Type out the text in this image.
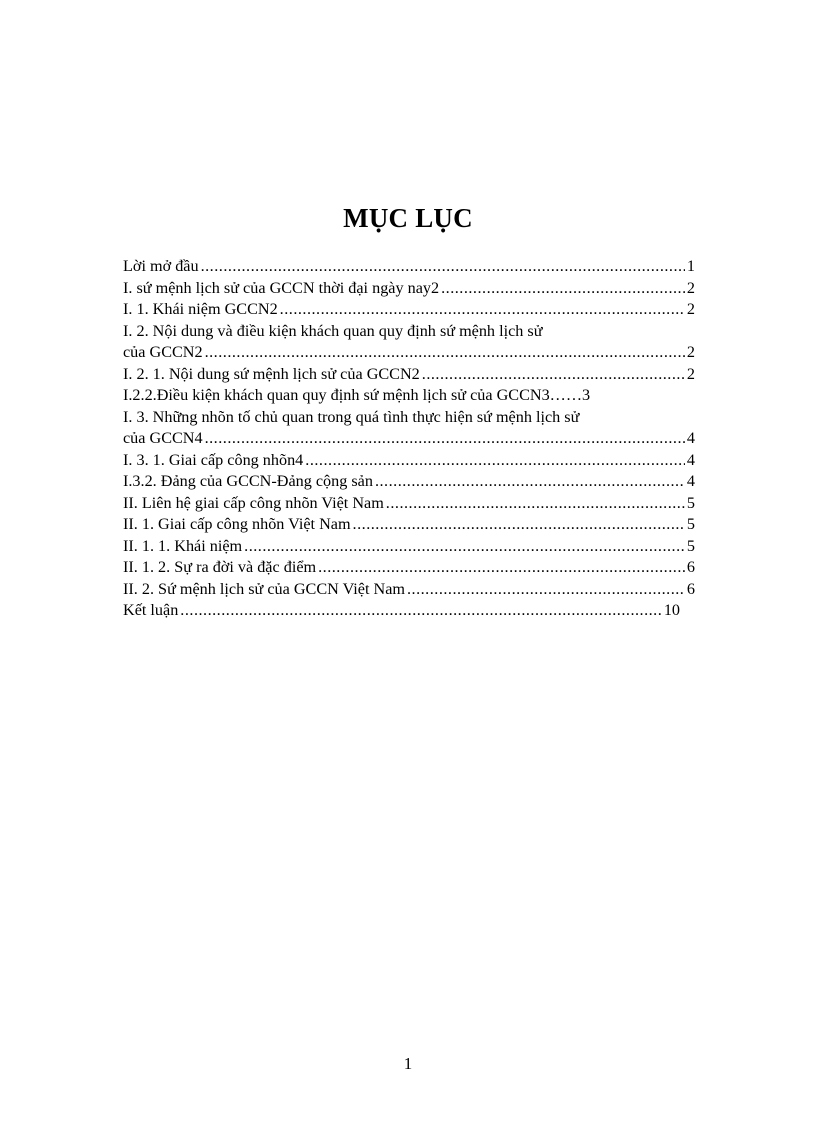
MỤC LỤC
Lời mở đầu .....	1
I. sứ mệnh lịch sử của GCCN thời đại ngày nay2 .....	2
I. 1. Khái niệm GCCN2 .....	2
I. 2. Nội dung và điều kiện khách quan quy định sứ mệnh lịch sử
của GCCN2 .....	2
I. 2. 1. Nội dung sứ mệnh lịch sử của GCCN2 .....	2
I.2.2.Điều kiện khách quan quy định sứ mệnh lịch sử của GCCN3…… 3
I. 3. Những nhõn tố chủ quan trong quá tình thực hiện sứ mệnh lịch sử
của GCCN4 .....	4
I. 3. 1. Giai cấp công nhõn4 .....	4
I.3.2. Đảng của GCCN-Đảng cộng sản .....	4
II. Liên hệ giai cấp công nhõn Việt Nam .....	5
II. 1. Giai cấp công nhõn Việt Nam .....	5
II. 1. 1. Khái niệm .....	5
II. 1. 2. Sự ra đời và đặc điểm .....	6
II. 2. Sứ mệnh lịch sử của GCCN Việt Nam .....	6
Kết luận .....	10
1
